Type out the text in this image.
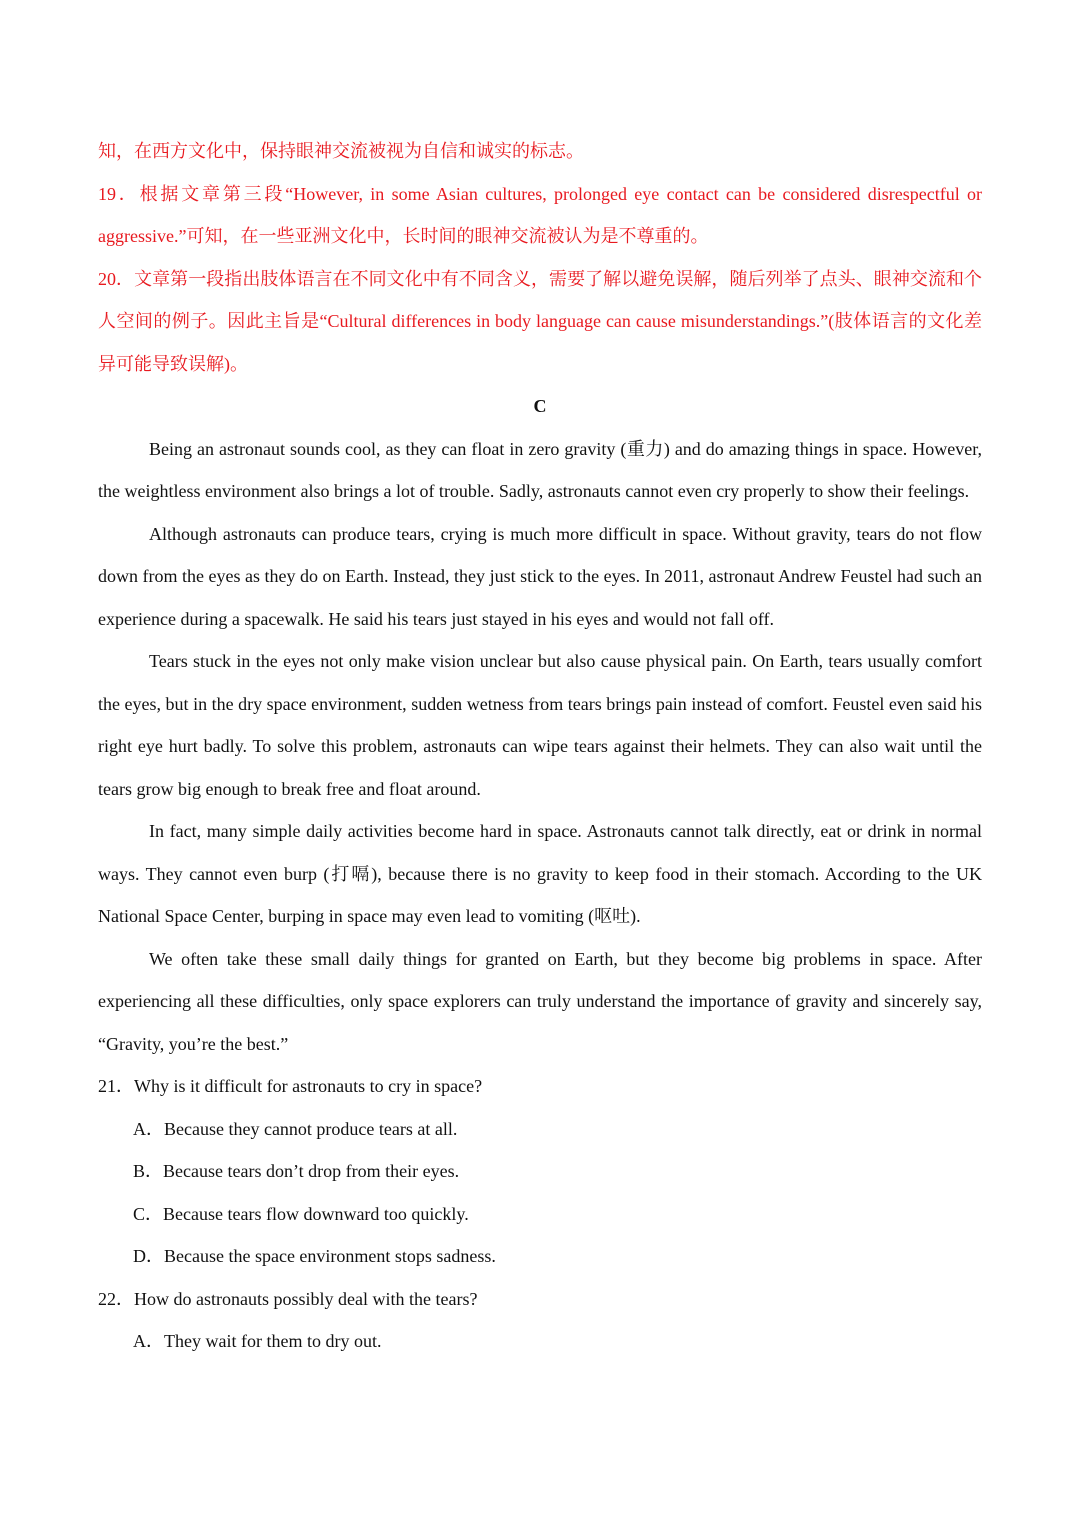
知，在西方文化中，保持眼神交流被视为自信和诚实的标志。

19．根据文章第三段“However, in some Asian cultures, prolonged eye contact can be considered disrespectful or aggressive.”可知，在一些亚洲文化中，长时间的眼神交流被认为是不尊重的。

20．文章第一段指出肢体语言在不同文化中有不同含义，需要了解以避免误解，随后列举了点头、眼神交流和个人空间的例子。因此主旨是“Cultural differences in body language can cause misunderstandings.”(肢体语言的文化差异可能导致误解)。

C

Being an astronaut sounds cool, as they can float in zero gravity (重力) and do amazing things in space. However, the weightless environment also brings a lot of trouble. Sadly, astronauts cannot even cry properly to show their feelings.

Although astronauts can produce tears, crying is much more difficult in space. Without gravity, tears do not flow down from the eyes as they do on Earth. Instead, they just stick to the eyes. In 2011, astronaut Andrew Feustel had such an experience during a spacewalk. He said his tears just stayed in his eyes and would not fall off.

Tears stuck in the eyes not only make vision unclear but also cause physical pain. On Earth, tears usually comfort the eyes, but in the dry space environment, sudden wetness from tears brings pain instead of comfort. Feustel even said his right eye hurt badly. To solve this problem, astronauts can wipe tears against their helmets. They can also wait until the tears grow big enough to break free and float around.

In fact, many simple daily activities become hard in space. Astronauts cannot talk directly, eat or drink in normal ways. They cannot even burp (打嗝), because there is no gravity to keep food in their stomach. According to the UK National Space Center, burping in space may even lead to vomiting (呕吐).

We often take these small daily things for granted on Earth, but they become big problems in space. After experiencing all these difficulties, only space explorers can truly understand the importance of gravity and sincerely say, “Gravity, you’re the best.”

21．Why is it difficult for astronauts to cry in space?

A．Because they cannot produce tears at all.

B．Because tears don’t drop from their eyes.

C．Because tears flow downward too quickly.

D．Because the space environment stops sadness.

22．How do astronauts possibly deal with the tears?

A．They wait for them to dry out.
